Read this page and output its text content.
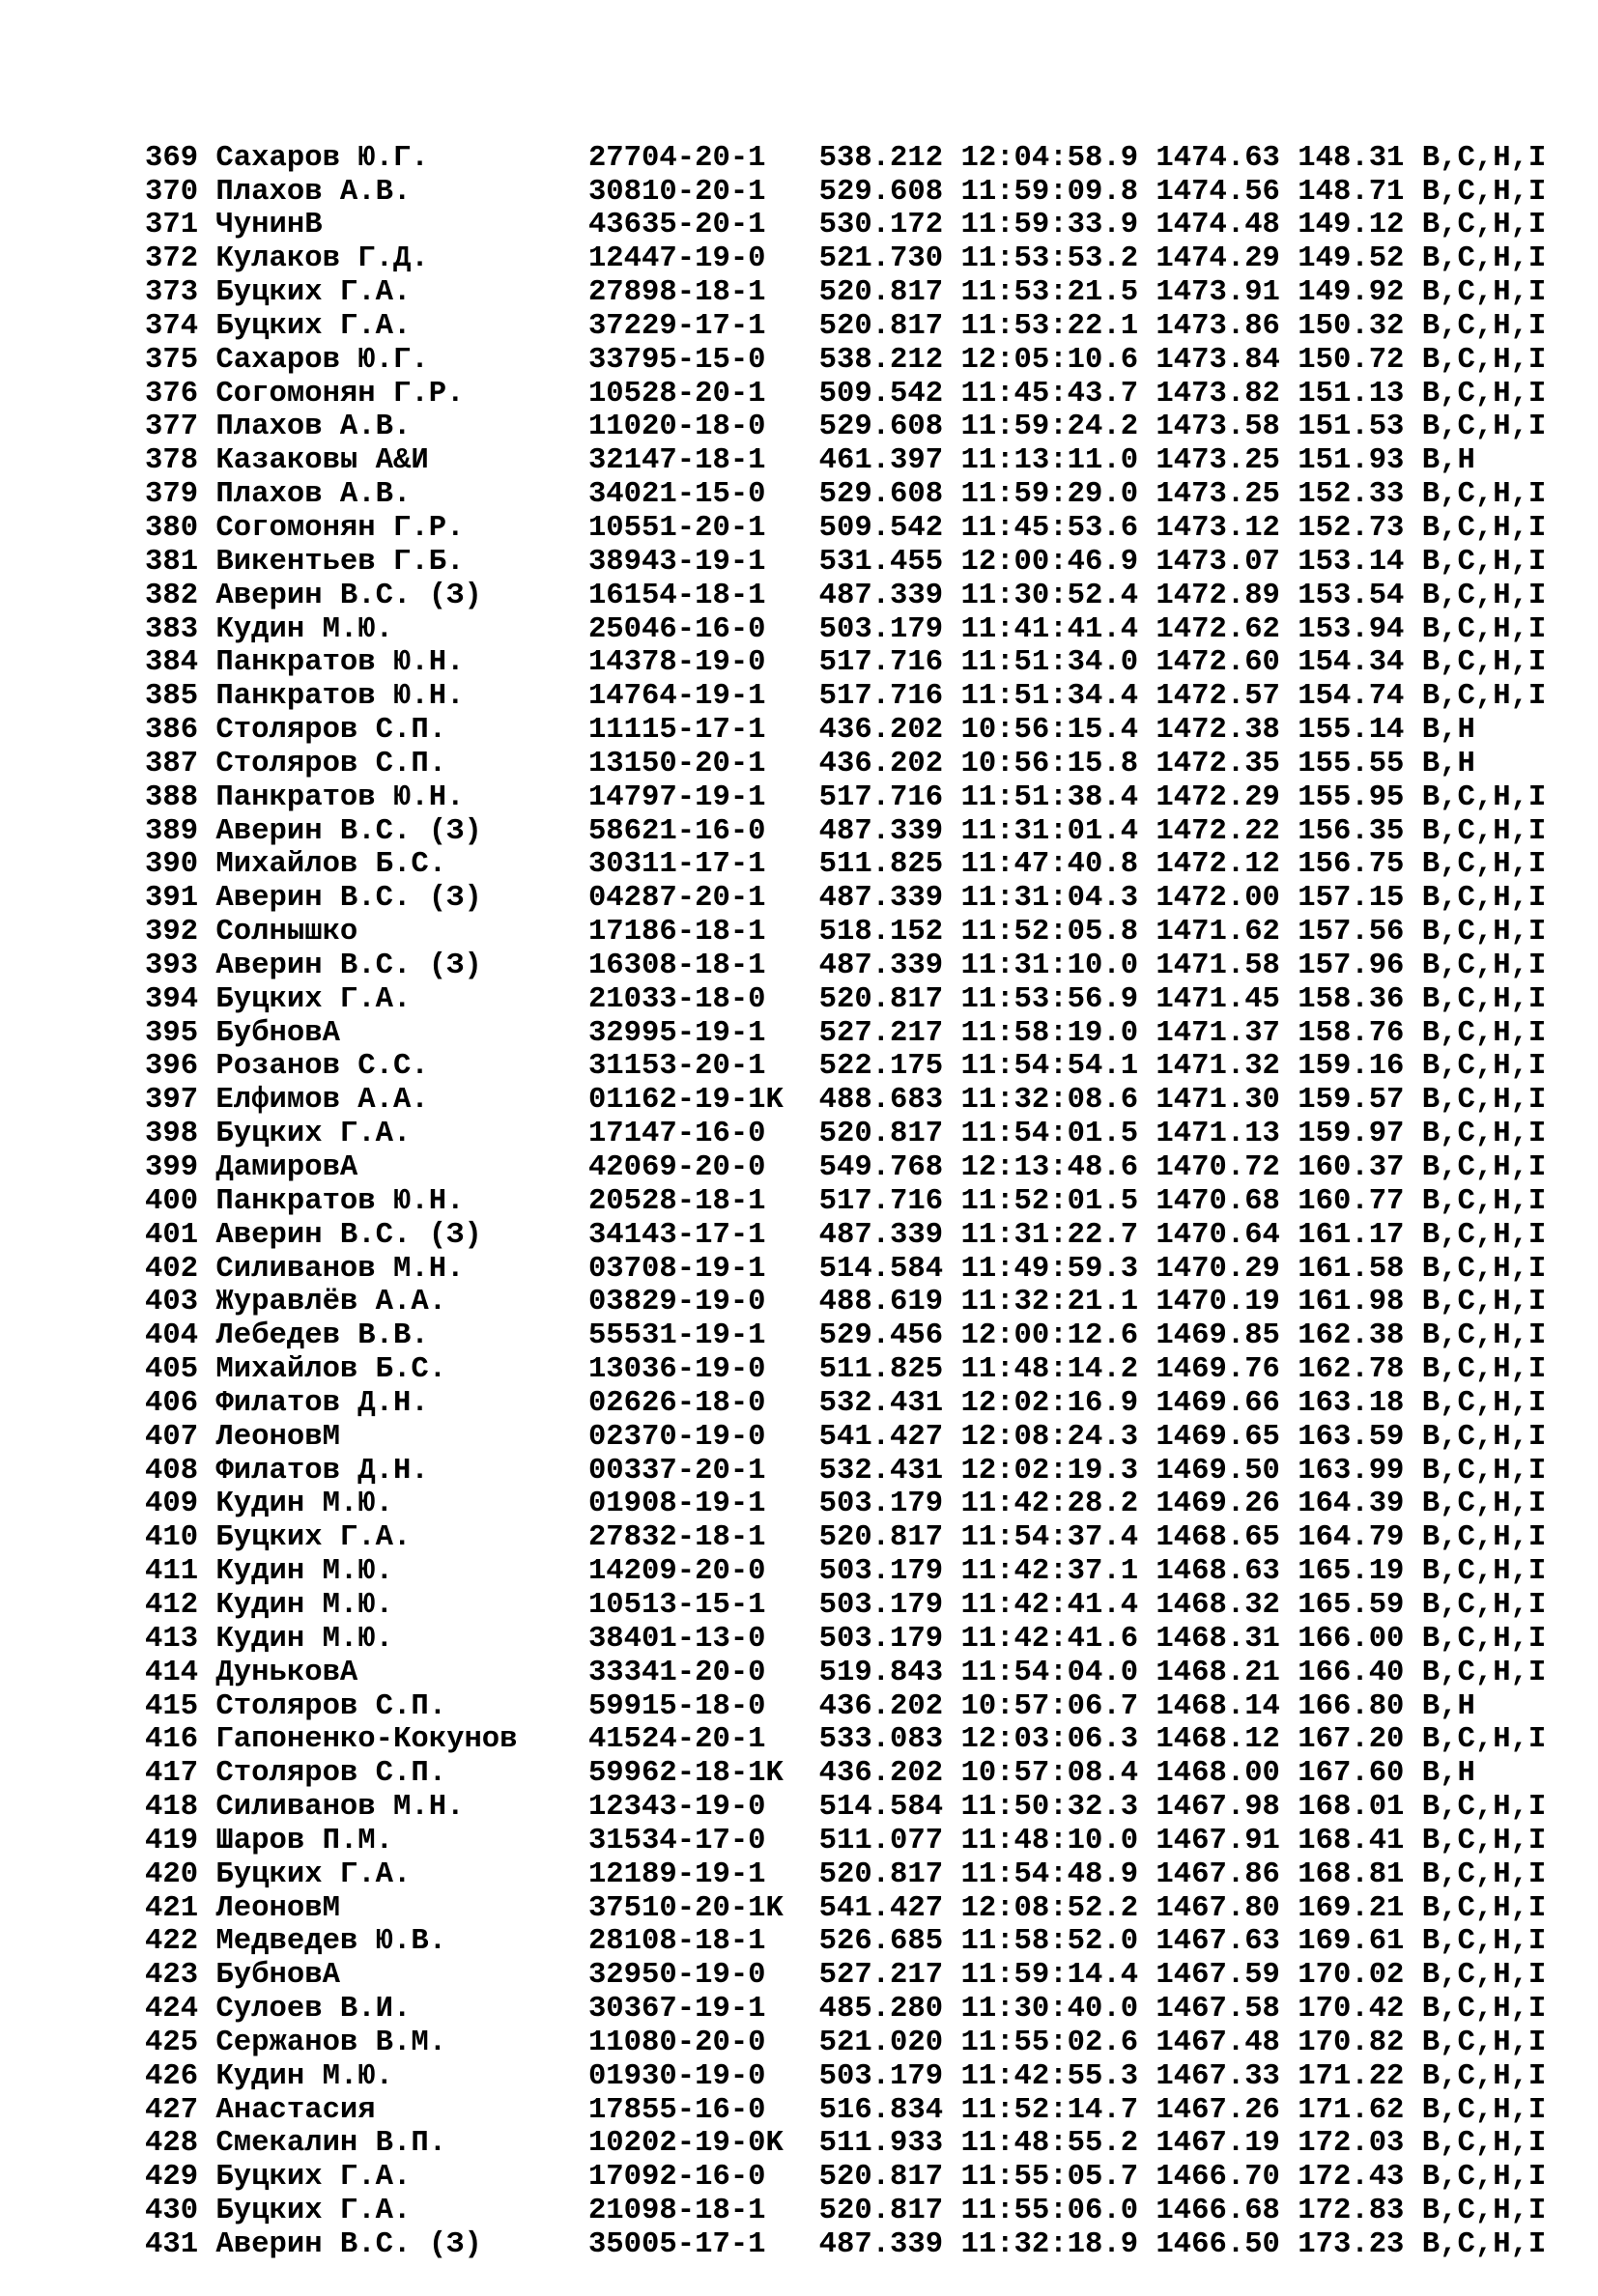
369 Сахаров Ю.Г.	27704-20-1	538.212 12:04:58.9 1474.63 148.31 B,C,H,I
370 Плахов А.В.	30810-20-1	529.608 11:59:09.8 1474.56 148.71 B,C,H,I
371 ЧунинВ	43635-20-1	530.172 11:59:33.9 1474.48 149.12 B,C,H,I
372 Кулаков Г.Д.	12447-19-0	521.730 11:53:53.2 1474.29 149.52 B,C,H,I
373 Буцких Г.А.	27898-18-1	520.817 11:53:21.5 1473.91 149.92 B,C,H,I
374 Буцких Г.А.	37229-17-1	520.817 11:53:22.1 1473.86 150.32 B,C,H,I
375 Сахаров Ю.Г.	33795-15-0	538.212 12:05:10.6 1473.84 150.72 B,C,H,I
376 Согомонян Г.Р.	10528-20-1	509.542 11:45:43.7 1473.82 151.13 B,C,H,I
377 Плахов А.В.	11020-18-0	529.608 11:59:24.2 1473.58 151.53 B,C,H,I
378 Казаковы А&И	32147-18-1	461.397 11:13:11.0 1473.25 151.93 B,H
379 Плахов А.В.	34021-15-0	529.608 11:59:29.0 1473.25 152.33 B,C,H,I
380 Согомонян Г.Р.	10551-20-1	509.542 11:45:53.6 1473.12 152.73 B,C,H,I
381 Викентьев Г.Б.	38943-19-1	531.455 12:00:46.9 1473.07 153.14 B,C,H,I
382 Аверин В.С. (З)	16154-18-1	487.339 11:30:52.4 1472.89 153.54 B,C,H,I
383 Кудин М.Ю.	25046-16-0	503.179 11:41:41.4 1472.62 153.94 B,C,H,I
384 Панкратов Ю.Н.	14378-19-0	517.716 11:51:34.0 1472.60 154.34 B,C,H,I
385 Панкратов Ю.Н.	14764-19-1	517.716 11:51:34.4 1472.57 154.74 B,C,H,I
386 Столяров С.П.	11115-17-1	436.202 10:56:15.4 1472.38 155.14 B,H
387 Столяров С.П.	13150-20-1	436.202 10:56:15.8 1472.35 155.55 B,H
388 Панкратов Ю.Н.	14797-19-1	517.716 11:51:38.4 1472.29 155.95 B,C,H,I
389 Аверин В.С. (З)	58621-16-0	487.339 11:31:01.4 1472.22 156.35 B,C,H,I
390 Михайлов Б.С.	30311-17-1	511.825 11:47:40.8 1472.12 156.75 B,C,H,I
391 Аверин В.С. (З)	04287-20-1	487.339 11:31:04.3 1472.00 157.15 B,C,H,I
392 Солнышко	17186-18-1	518.152 11:52:05.8 1471.62 157.56 B,C,H,I
393 Аверин В.С. (З)	16308-18-1	487.339 11:31:10.0 1471.58 157.96 B,C,H,I
394 Буцких Г.А.	21033-18-0	520.817 11:53:56.9 1471.45 158.36 B,C,H,I
395 БубновА	32995-19-1	527.217 11:58:19.0 1471.37 158.76 B,C,H,I
396 Розанов С.С.	31153-20-1	522.175 11:54:54.1 1471.32 159.16 B,C,H,I
397 Елфимов А.А.	01162-19-1K	488.683 11:32:08.6 1471.30 159.57 B,C,H,I
398 Буцких Г.А.	17147-16-0	520.817 11:54:01.5 1471.13 159.97 B,C,H,I
399 ДамировА	42069-20-0	549.768 12:13:48.6 1470.72 160.37 B,C,H,I
400 Панкратов Ю.Н.	20528-18-1	517.716 11:52:01.5 1470.68 160.77 B,C,H,I
401 Аверин В.С. (З)	34143-17-1	487.339 11:31:22.7 1470.64 161.17 B,C,H,I
402 Силиванов М.Н.	03708-19-1	514.584 11:49:59.3 1470.29 161.58 B,C,H,I
403 Журавлёв А.А.	03829-19-0	488.619 11:32:21.1 1470.19 161.98 B,C,H,I
404 Лебедев В.В.	55531-19-1	529.456 12:00:12.6 1469.85 162.38 B,C,H,I
405 Михайлов Б.С.	13036-19-0	511.825 11:48:14.2 1469.76 162.78 B,C,H,I
406 Филатов Д.Н.	02626-18-0	532.431 12:02:16.9 1469.66 163.18 B,C,H,I
407 ЛеоновМ	02370-19-0	541.427 12:08:24.3 1469.65 163.59 B,C,H,I
408 Филатов Д.Н.	00337-20-1	532.431 12:02:19.3 1469.50 163.99 B,C,H,I
409 Кудин М.Ю.	01908-19-1	503.179 11:42:28.2 1469.26 164.39 B,C,H,I
410 Буцких Г.А.	27832-18-1	520.817 11:54:37.4 1468.65 164.79 B,C,H,I
411 Кудин М.Ю.	14209-20-0	503.179 11:42:37.1 1468.63 165.19 B,C,H,I
412 Кудин М.Ю.	10513-15-1	503.179 11:42:41.4 1468.32 165.59 B,C,H,I
413 Кудин М.Ю.	38401-13-0	503.179 11:42:41.6 1468.31 166.00 B,C,H,I
414 ДуньковА	33341-20-0	519.843 11:54:04.0 1468.21 166.40 B,C,H,I
415 Столяров С.П.	59915-18-0	436.202 10:57:06.7 1468.14 166.80 B,H
416 Гапоненко-Кокунов	41524-20-1	533.083 12:03:06.3 1468.12 167.20 B,C,H,I
417 Столяров С.П.	59962-18-1K	436.202 10:57:08.4 1468.00 167.60 B,H
418 Силиванов М.Н.	12343-19-0	514.584 11:50:32.3 1467.98 168.01 B,C,H,I
419 Шаров П.М.	31534-17-0	511.077 11:48:10.0 1467.91 168.41 B,C,H,I
420 Буцких Г.А.	12189-19-1	520.817 11:54:48.9 1467.86 168.81 B,C,H,I
421 ЛеоновМ	37510-20-1K	541.427 12:08:52.2 1467.80 169.21 B,C,H,I
422 Медведев Ю.В.	28108-18-1	526.685 11:58:52.0 1467.63 169.61 B,C,H,I
423 БубновА	32950-19-0	527.217 11:59:14.4 1467.59 170.02 B,C,H,I
424 Сулоев В.И.	30367-19-1	485.280 11:30:40.0 1467.58 170.42 B,C,H,I
425 Сержанов В.М.	11080-20-0	521.020 11:55:02.6 1467.48 170.82 B,C,H,I
426 Кудин М.Ю.	01930-19-0	503.179 11:42:55.3 1467.33 171.22 B,C,H,I
427 Анастасия	17855-16-0	516.834 11:52:14.7 1467.26 171.62 B,C,H,I
428 Смекалин В.П.	10202-19-0K	511.933 11:48:55.2 1467.19 172.03 B,C,H,I
429 Буцких Г.А.	17092-16-0	520.817 11:55:05.7 1466.70 172.43 B,C,H,I
430 Буцких Г.А.	21098-18-1	520.817 11:55:06.0 1466.68 172.83 B,C,H,I
431 Аверин В.С. (З)	35005-17-1	487.339 11:32:18.9 1466.50 173.23 B,C,H,I
